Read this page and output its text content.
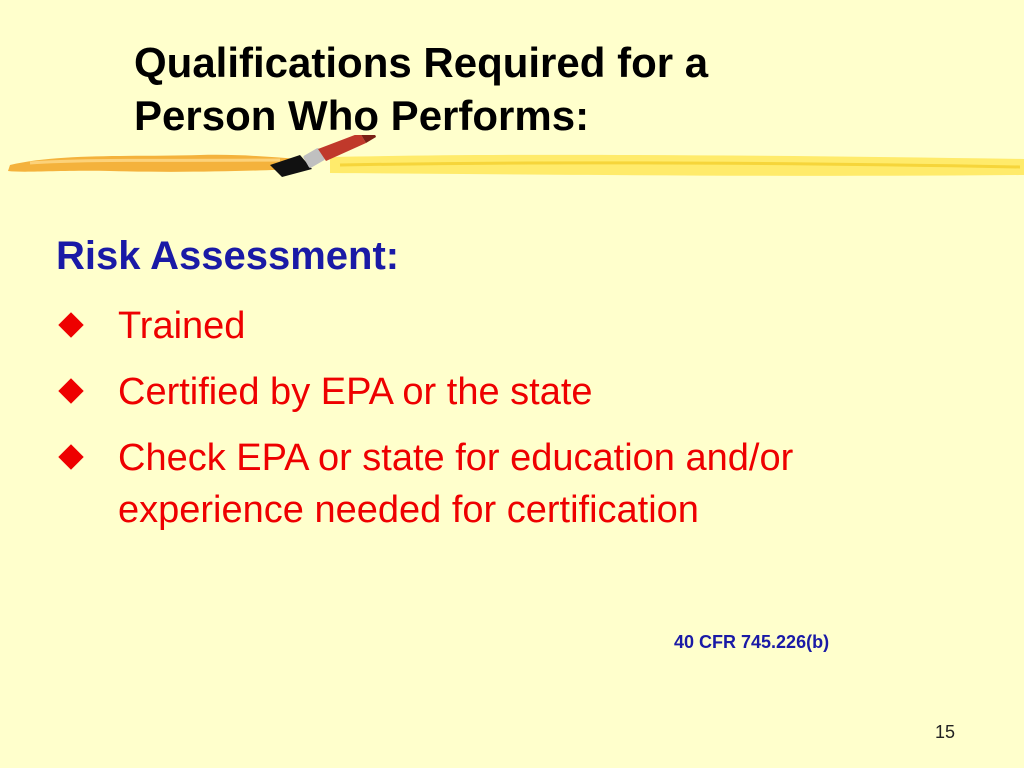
Qualifications Required for a
Person Who Performs:
Risk Assessment:
Trained
Certified by EPA or the state
Check EPA or state for education and/or experience needed for certification
40 CFR 745.226(b)
15
